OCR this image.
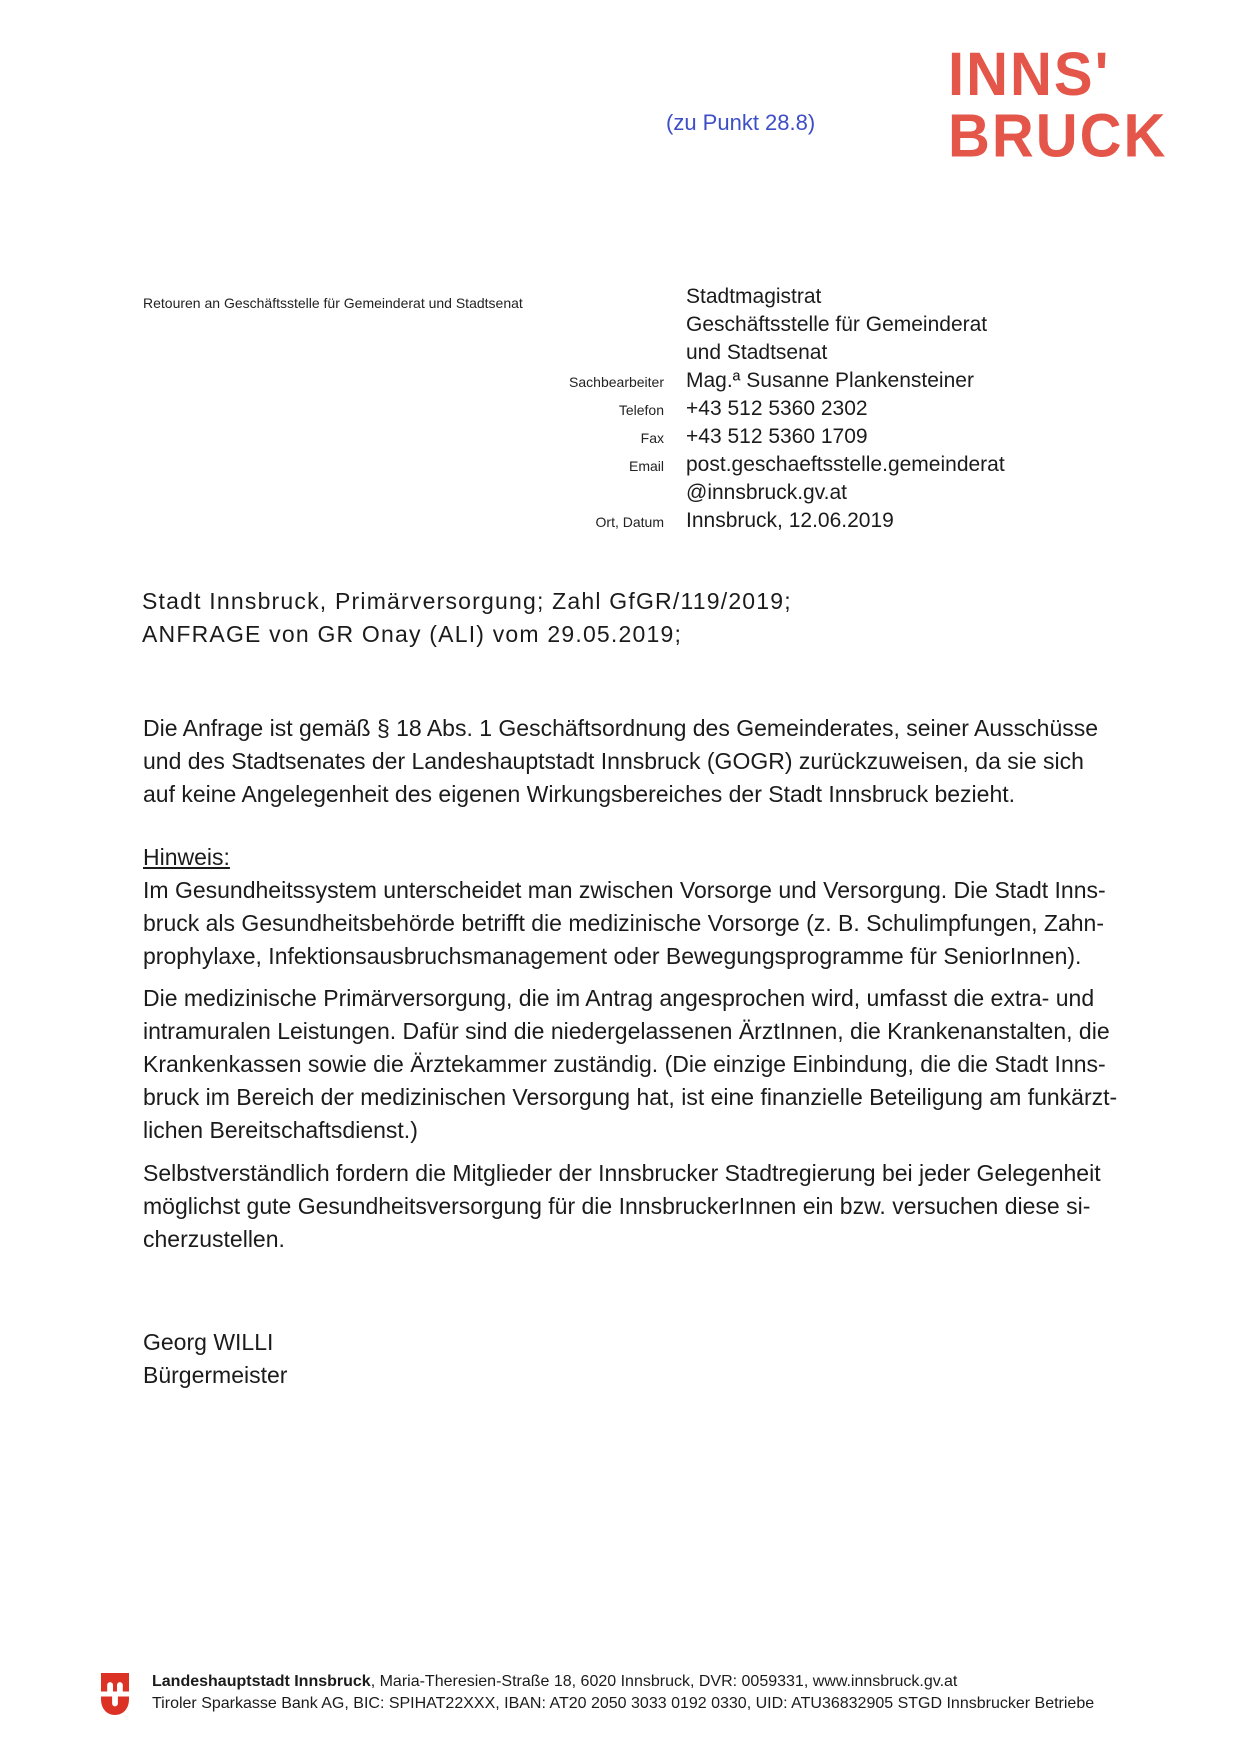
(zu Punkt 28.8)
INNS'
BRUCK
Retouren an Geschäftsstelle für Gemeinderat und Stadtsenat	Stadtmagistrat
Geschäftsstelle für Gemeinderat
und Stadtsenat
Sachbearbeiter Mag.ª Susanne Plankensteiner
Telefon +43 512 5360 2302
Fax +43 512 5360 1709
Email post.geschaeftsstelle.gemeinderat
@innsbruck.gv.at
Ort, Datum Innsbruck, 12.06.2019
Stadt Innsbruck, Primärversorgung; Zahl GfGR/119/2019;
ANFRAGE von GR Onay (ALI) vom 29.05.2019;
Die Anfrage ist gemäß § 18 Abs. 1 Geschäftsordnung des Gemeinderates, seiner Ausschüsse
und des Stadtsenates der Landeshauptstadt Innsbruck (GOGR) zurückzuweisen, da sie sich
auf keine Angelegenheit des eigenen Wirkungsbereiches der Stadt Innsbruck bezieht.
Hinweis:
Im Gesundheitssystem unterscheidet man zwischen Vorsorge und Versorgung. Die Stadt Inns-
bruck als Gesundheitsbehörde betrifft die medizinische Vorsorge (z. B. Schulimpfungen, Zahn-
prophylaxe, Infektionsausbruchsmanagement oder Bewegungsprogramme für SeniorInnen).
Die medizinische Primärversorgung, die im Antrag angesprochen wird, umfasst die extra- und
intramuralen Leistungen. Dafür sind die niedergelassenen ÄrztInnen, die Krankenanstalten, die
Krankenkassen sowie die Ärztekammer zuständig. (Die einzige Einbindung, die die Stadt Inns-
bruck im Bereich der medizinischen Versorgung hat, ist eine finanzielle Beteiligung am funkärzt-
lichen Bereitschaftsdienst.)
Selbstverständlich fordern die Mitglieder der Innsbrucker Stadtregierung bei jeder Gelegenheit
möglichst gute Gesundheitsversorgung für die InnsbruckerInnen ein bzw. versuchen diese si-
cherzustellen.
Georg WILLI
Bürgermeister
Landeshauptstadt Innsbruck, Maria-Theresien-Straße 18, 6020 Innsbruck, DVR: 0059331, www.innsbruck.gv.at
Tiroler Sparkasse Bank AG, BIC: SPIHAT22XXX, IBAN: AT20 2050 3033 0192 0330, UID: ATU36832905 STGD Innsbrucker Betriebe
